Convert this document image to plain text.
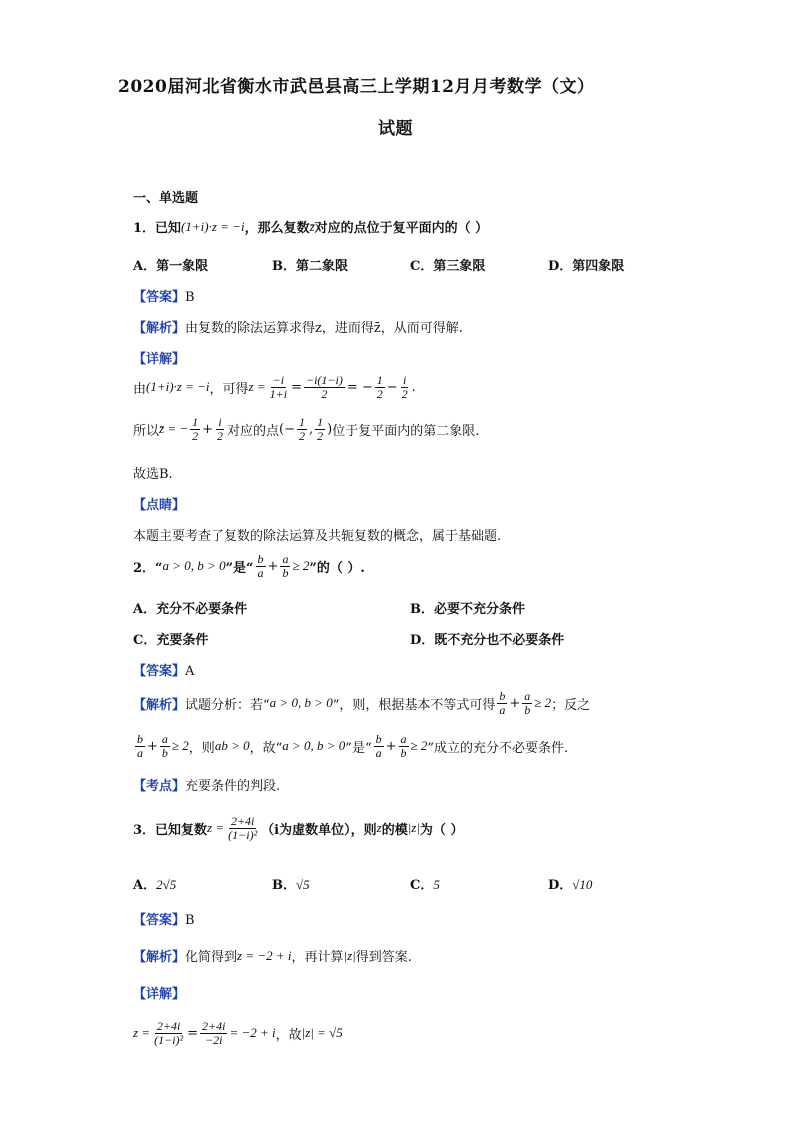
2020届河北省衡水市武邑县高三上学期12月月考数学（文）
试题
一、单选题
1．已知 (1+i)·z = −i ，那么复数 z̄ 对应的点位于复平面内的（ ）
A．第一象限	B．第二象限	C．第三象限	D．第四象限
【答案】B
【解析】由复数的除法运算求得z，进而得z̄，从而可得解.
【详解】
由 (1+i)·z = −i ，可得 $z = \frac{-i}{1+i} = \frac{-i(1-i)}{2}$ = − $\frac{1}{2} - \frac{i}{2}$ .
所以 z̄ = − $\frac{1}{2} + \frac{i}{2}$ 对应的点 (− $\frac{1}{2}$ , $\frac{1}{2}$ ) 位于复平面内的第二象限.
故选B.
【点睛】
本题主要考查了复数的除法运算及共轭复数的概念，属于基础题.
2．“ a > 0, b > 0 ”是“ $\frac{b}{a} + \frac{a}{b} \ge 2$ ”的（ ）.
A．充分不必要条件	B．必要不充分条件
C．充要条件	D．既不充分也不必要条件
【答案】A
【解析】 试题分析：若“ a > 0, b > 0 ”，则，根据基本不等式可得 $\frac{b}{a} + \frac{a}{b} \ge 2$ ；反之
$\frac{b}{a} + \frac{a}{b} \ge 2$ ，则 ab > 0 ，故“ a > 0, b > 0 ”是“ $\frac{b}{a} + \frac{a}{b} \ge 2$ ”成立的充分不必要条件.
【考点】充要条件的判段.
3．已知复数 $z = \frac{2+4i}{\text{(1−i)²}} (i$为虚数单位），则 z 的模 |z| 为（ ）
A．2√5	B．√5	C．5	D．√10
【答案】B
【解析】 化简得到 z = −2 + i ，再计算 |z| 得到答案.
【详解】
$z = \frac{2+4i}{\text{(1−i)²}} = \frac{2+4i}{-2i} = -2 + i$ ，故 |z| = √5
